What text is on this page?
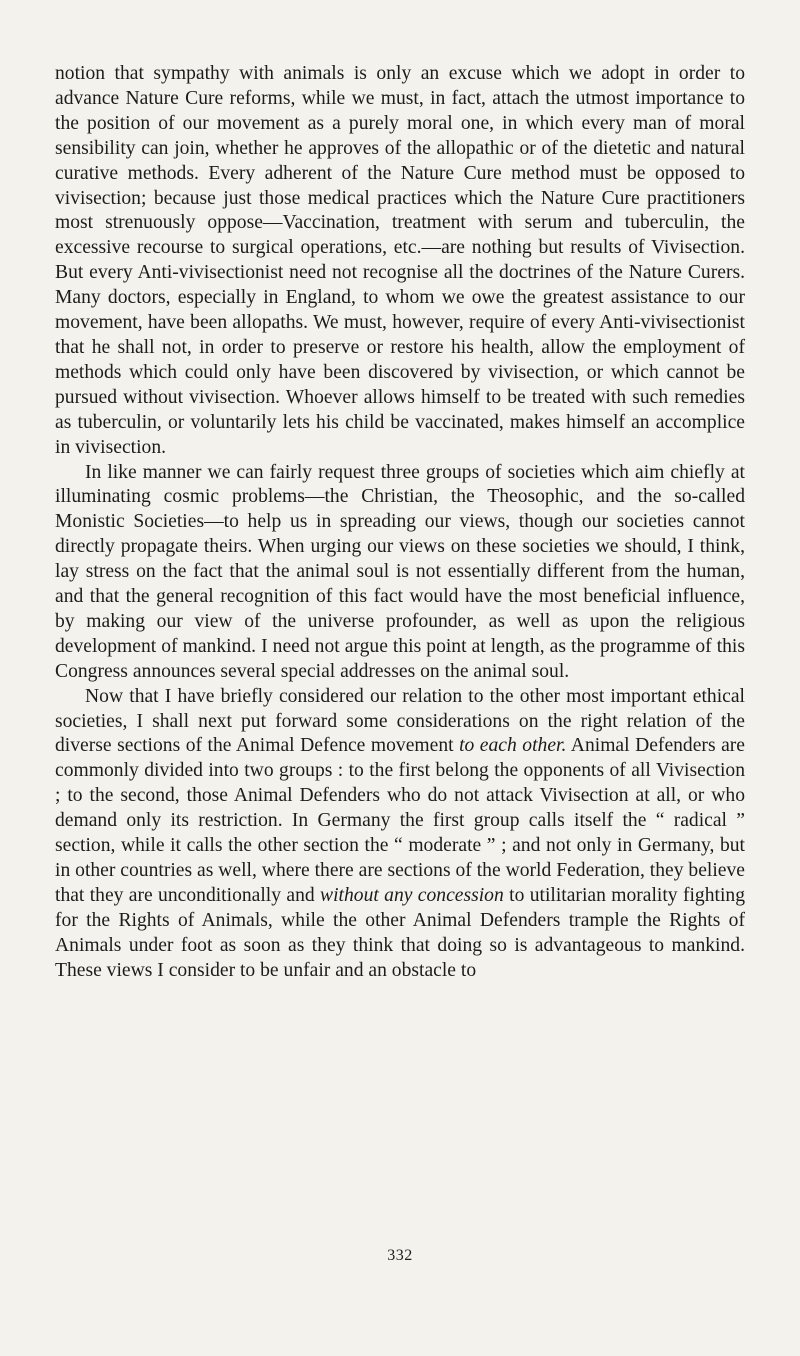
notion that sympathy with animals is only an excuse which we adopt in order to advance Nature Cure reforms, while we must, in fact, attach the utmost importance to the position of our movement as a purely moral one, in which every man of moral sensibility can join, whether he approves of the allopathic or of the dietetic and natural curative methods. Every adherent of the Nature Cure method must be opposed to vivisection; because just those medical practices which the Nature Cure practitioners most strenuously oppose—Vaccination, treatment with serum and tuberculin, the excessive recourse to surgical operations, etc.—are nothing but results of Vivisection. But every Anti-vivisectionist need not recognise all the doctrines of the Nature Curers. Many doctors, especially in England, to whom we owe the greatest assistance to our movement, have been allopaths. We must, however, require of every Anti-vivisectionist that he shall not, in order to preserve or restore his health, allow the employment of methods which could only have been discovered by vivisection, or which cannot be pursued without vivisection. Whoever allows himself to be treated with such remedies as tuberculin, or voluntarily lets his child be vaccinated, makes himself an accomplice in vivisection.

In like manner we can fairly request three groups of societies which aim chiefly at illuminating cosmic problems—the Christian, the Theosophic, and the so-called Monistic Societies—to help us in spreading our views, though our societies cannot directly propagate theirs. When urging our views on these societies we should, I think, lay stress on the fact that the animal soul is not essentially different from the human, and that the general recognition of this fact would have the most beneficial influence, by making our view of the universe profounder, as well as upon the religious development of mankind. I need not argue this point at length, as the programme of this Congress announces several special addresses on the animal soul.

Now that I have briefly considered our relation to the other most important ethical societies, I shall next put forward some considerations on the right relation of the diverse sections of the Animal Defence movement to each other. Animal Defenders are commonly divided into two groups : to the first belong the opponents of all Vivisection ; to the second, those Animal Defenders who do not attack Vivisection at all, or who demand only its restriction. In Germany the first group calls itself the “ radical ” section, while it calls the other section the “ moderate ” ; and not only in Germany, but in other countries as well, where there are sections of the world Federation, they believe that they are unconditionally and without any concession to utilitarian morality fighting for the Rights of Animals, while the other Animal Defenders trample the Rights of Animals under foot as soon as they think that doing so is advantageous to mankind. These views I consider to be unfair and an obstacle to

332
